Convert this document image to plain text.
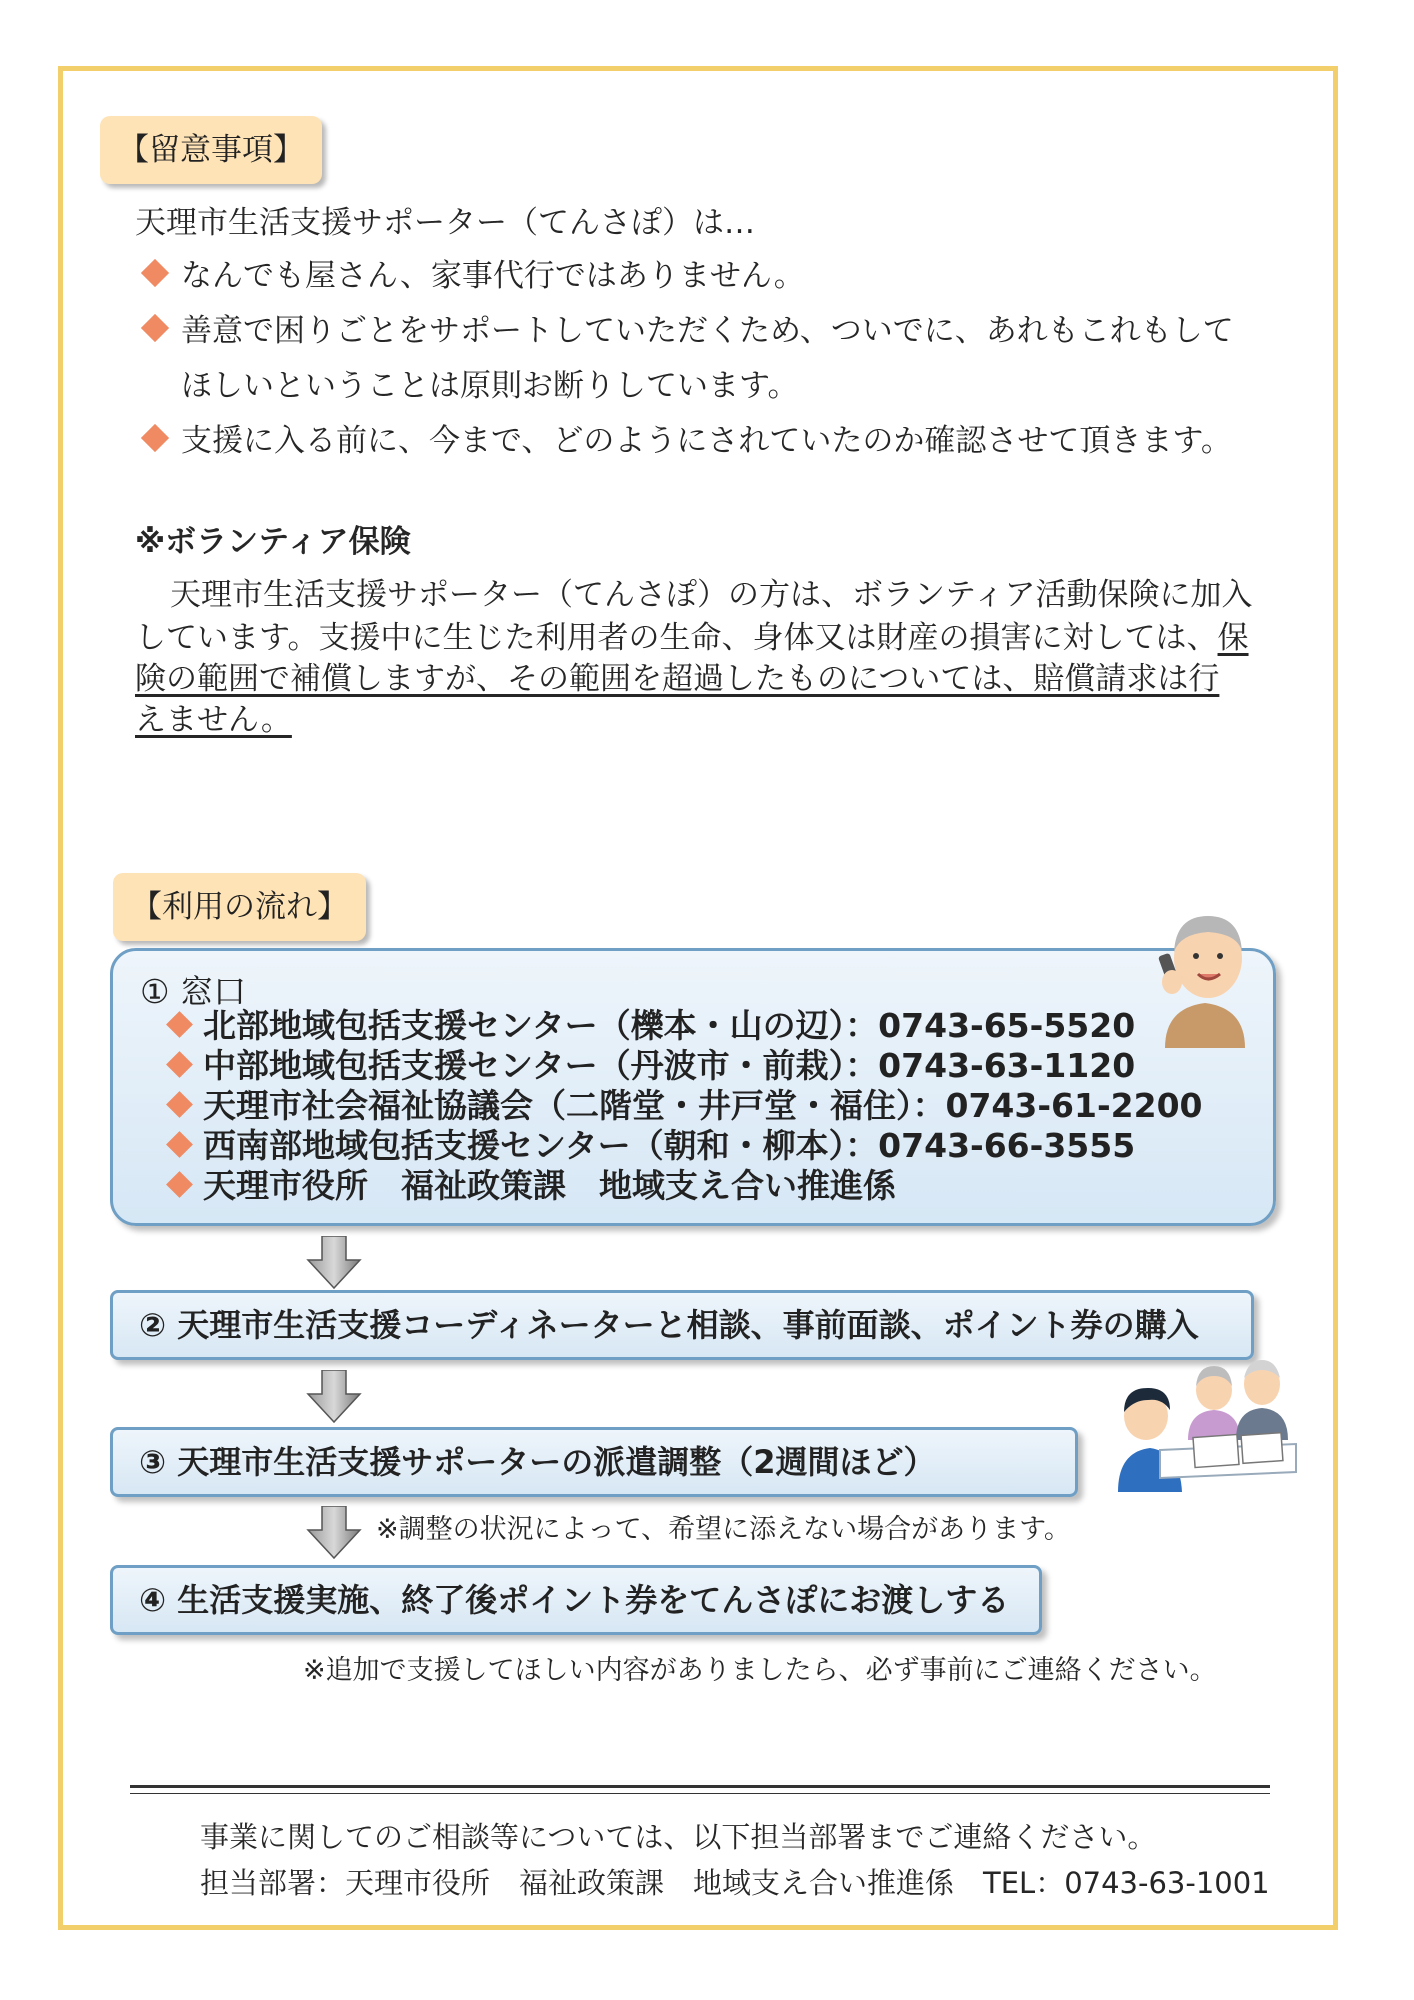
【留意事項】
天理市生活支援サポーター（てんさぽ）は…
なんでも屋さん、家事代行ではありません。
善意で困りごとをサポートしていただくため、ついでに、あれもこれもして
ほしいということは原則お断りしています。
支援に入る前に、今まで、どのようにされていたのか確認させて頂きます。
※ボランティア保険
天理市生活支援サポーター（てんさぽ）の方は、ボランティア活動保険に加入
しています。支援中に生じた利用者の生命、身体又は財産の損害に対しては、保
険の範囲で補償しますが、その範囲を超過したものについては、賠償請求は行
えません。
【利用の流れ】
① 窓口
北部地域包括支援センター（櫟本・山の辺）：0743-65-5520
中部地域包括支援センター（丹波市・前栽）：0743-63-1120
天理市社会福祉協議会（二階堂・井戸堂・福住）：0743-61-2200
西南部地域包括支援センター（朝和・柳本）：0743-66-3555
天理市役所　福祉政策課　地域支え合い推進係
② 天理市生活支援コーディネーターと相談、事前面談、ポイント券の購入
③ 天理市生活支援サポーターの派遣調整（2週間ほど）
※調整の状況によって、希望に添えない場合があります。
④ 生活支援実施、終了後ポイント券をてんさぽにお渡しする
※追加で支援してほしい内容がありましたら、必ず事前にご連絡ください。
事業に関してのご相談等については、以下担当部署までご連絡ください。
担当部署：天理市役所　福祉政策課　地域支え合い推進係　TEL：0743-63-1001
